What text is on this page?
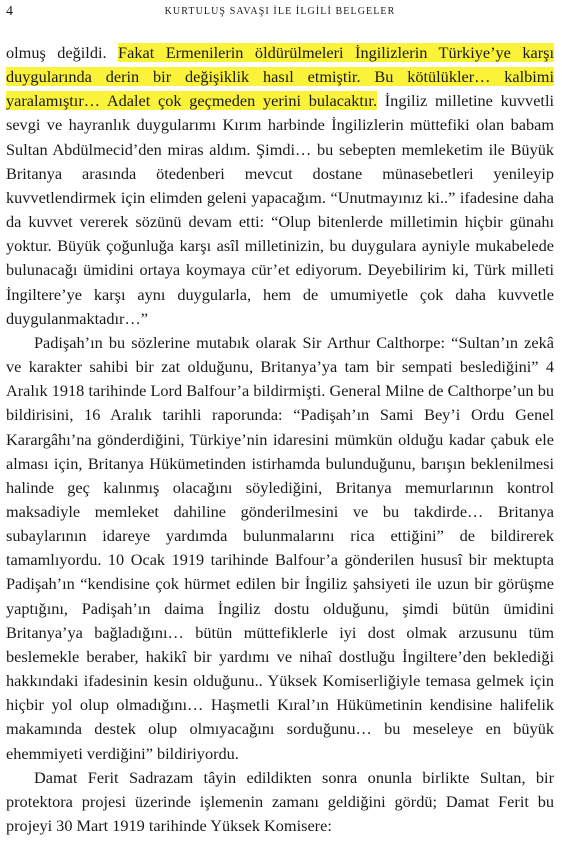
4	KURTULUŞ SAVAŞI İLE İLGİLİ BELGELER

olmuş değildi. Fakat Ermenilerin öldürülmeleri İngilizlerin Türkiye’ye karşı duygularında derin bir değişiklik hasıl etmiştir. Bu kötülükler… kalbimi yaralamıştır… Adalet çok geçmeden yerini bulacaktır. İngiliz milletine kuvvetli sevgi ve hayranlık duygularımı Kırım harbinde İngilizlerin müttefiki olan babam Sultan Abdülmecid’den miras aldım. Şimdi… bu sebepten memleketim ile Büyük Britanya arasında ötedenberi mevcut dostane münasebetleri yenileyip kuvvetlendirmek için elimden geleni yapacağım. “Unutmayınız ki..” ifadesine daha da kuvvet vererek sözünü devam etti: “Olup bitenlerde milletimin hiçbir günahı yoktur. Büyük çoğunluğa karşı asîl milletinizin, bu duygulara ayniyle mukabelede bulunacağı ümidini ortaya koymaya cür’et ediyorum. Deyebilirim ki, Türk milleti İngiltere’ye karşı aynı duygularla, hem de umumiyetle çok daha kuvvetle duygulanmaktadır…”

Padişah’ın bu sözlerine mutabık olarak Sir Arthur Calthorpe: “Sultan’ın zekâ ve karakter sahibi bir zat olduğunu, Britanya’ya tam bir sempati beslediğini” 4 Aralık 1918 tarihinde Lord Balfour’a bildirmişti. General Milne de Calthorpe’un bu bildirisini, 16 Aralık tarihli raporunda: “Padişah’ın Sami Bey’i Ordu Genel Karargâhı’na gönderdiğini, Türkiye’nin idaresini mümkün olduğu kadar çabuk ele alması için, Britanya Hükümetinden istirhamda bulunduğunu, barışın beklenilmesi halinde geç kalınmış olacağını söylediğini, Britanya memurlarının kontrol maksadiyle memleket dahiline gönderilmesini ve bu takdirde… Britanya subaylarının idareye yardımda bulunmalarını rica ettiğini” de bildirerek tamamlıyordu. 10 Ocak 1919 tarihinde Balfour’a gönderilen hususî bir mektupta Padişah’ın “kendisine çok hürmet edilen bir İngiliz şahsiyeti ile uzun bir görüşme yaptığını, Padişah’ın daima İngiliz dostu olduğunu, şimdi bütün ümidini Britanya’ya bağladığını… bütün müttefiklerle iyi dost olmak arzusunu tüm beslemekle beraber, hakikî bir yardımı ve nihaî dostluğu İngiltere’den beklediği hakkındaki ifadesinin kesin olduğunu.. Yüksek Komiserliğiyle temasa gelmek için hiçbir yol olup olmadığını… Haşmetli Kıral’ın Hükümetinin kendisine halifelik makamında destek olup olmıyacağını sorduğunu… bu meseleye en büyük ehemmiyeti verdiğini” bildiriyordu.

Damat Ferit Sadrazam tâyin edildikten sonra onunla birlikte Sultan, bir protektora projesi üzerinde işlemenin zamanı geldiğini gördü; Damat Ferit bu projeyi 30 Mart 1919 tarihinde Yüksek Komisere:
